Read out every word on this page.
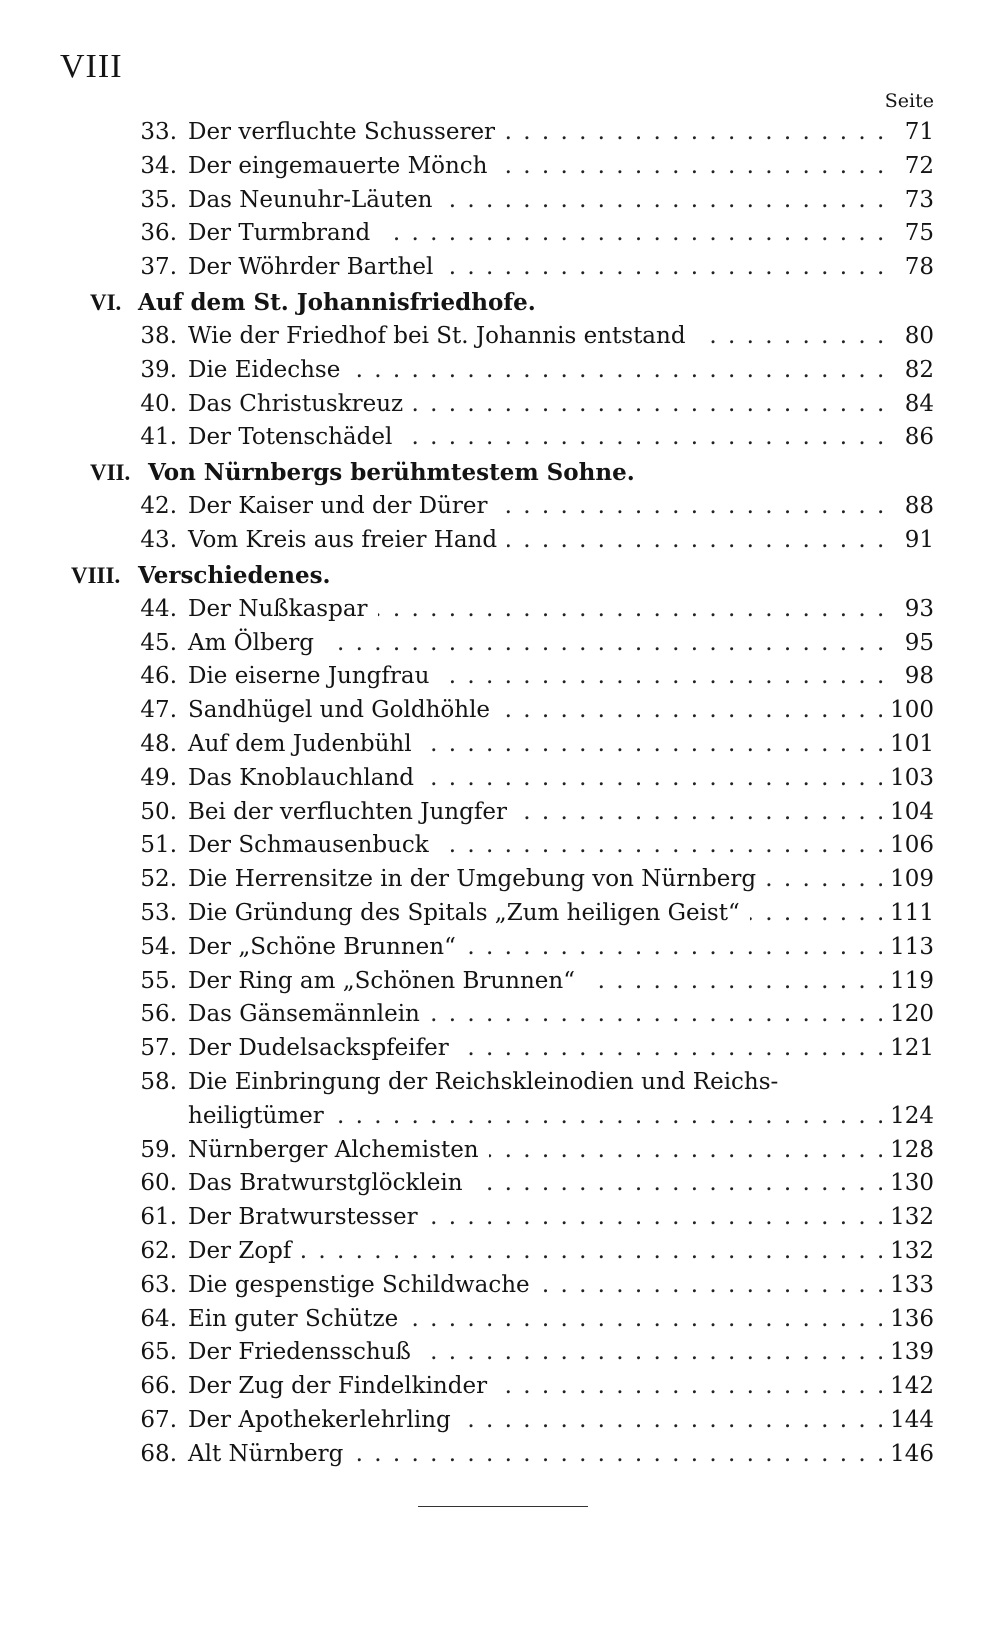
VIII
Seite
33. Der verfluchte Schusserer . . .	71
34. Der eingemauerte Mönch . . .	72
35. Das Neunuhr-Läuten . . .	73
36. Der Turmbrand . . .	75
37. Der Wöhrder Barthel . . .	78
VI. Auf dem St. Johannisfriedhofe.
38. Wie der Friedhof bei St. Johannis entstand . . .	80
39. Die Eidechse . . .	82
40. Das Christuskreuz . . .	84
41. Der Totenschädel . . .	86
VII. Von Nürnbergs berühmtestem Sohne.
42. Der Kaiser und der Dürer . . .	88
43. Vom Kreis aus freier Hand . . .	91
VIII. Verschiedenes.
44. Der Nußkaspar . . .	93
45. Am Ölberg . . .	95
46. Die eiserne Jungfrau . . .	98
47. Sandhügel und Goldhöhle . . .	100
48. Auf dem Judenbühl . . .	101
49. Das Knoblauchland . . .	103
50. Bei der verfluchten Jungfer . . .	104
51. Der Schmausenbuck . . .	106
52. Die Herrensitze in der Umgebung von Nürnberg . . .	109
53. Die Gründung des Spitals „Zum heiligen Geist“ . . .	111
54. Der „Schöne Brunnen“ . . .	113
55. Der Ring am „Schönen Brunnen“ . . .	119
56. Das Gänsemännlein . . .	120
57. Der Dudelsackspfeifer . . .	121
58. Die Einbringung der Reichskleinodien und Reichs-
heiligtümer . . .	124
59. Nürnberger Alchemisten . . .	128
60. Das Bratwurstglöcklein . . .	130
61. Der Bratwurstesser . . .	132
62. Der Zopf . . .	132
63. Die gespenstige Schildwache . . .	133
64. Ein guter Schütze . . .	136
65. Der Friedensschuß . . .	139
66. Der Zug der Findelkinder . . .	142
67. Der Apothekerlehrling . . .	144
68. Alt Nürnberg . . .	146
